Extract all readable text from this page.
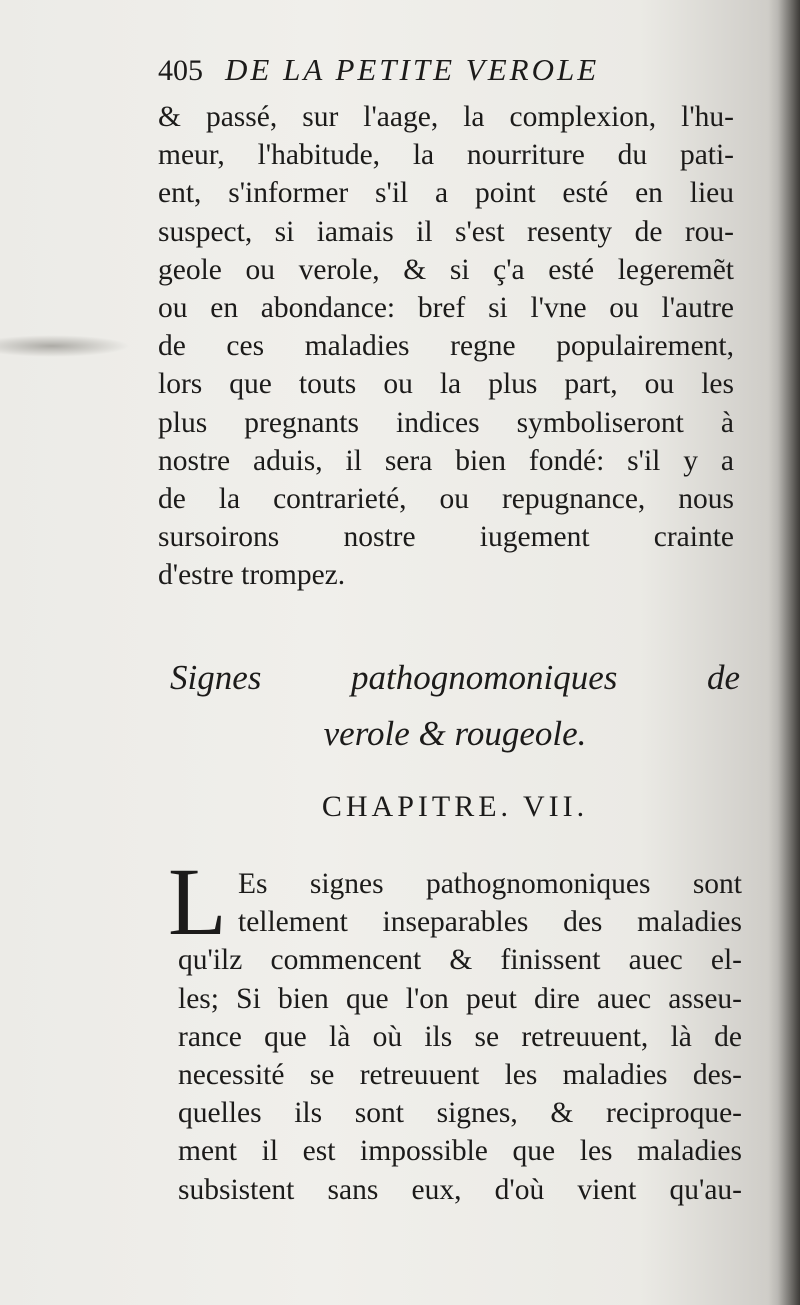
405 DE LA PETITE VEROLE
& passé, sur l'aage, la complexion, l'hu-
meur, l'habitude, la nourriture du pati-
ent, s'informer s'il a point esté en lieu
suspect, si iamais il s'est resenty de rou-
geole ou verole, & si ç'a esté legeremẽt
ou en abondance: bref si l'vne ou l'autre
de ces maladies regne populairement,
lors que touts ou la plus part, ou les
plus pregnants indices symboliseront à
nostre aduis, il sera bien fondé: s'il y a
de la contrarieté, ou repugnance, nous
sursoirons nostre iugement crainte
d'estre trompez.
Signes pathognomoniques de
verole & rougeole.
CHAPITRE. VII.
L Es signes pathognomoniques sont
tellement inseparables des maladies
qu'ilz commencent & finissent auec el-
les; Si bien que l'on peut dire auec asseu-
rance que là où ils se retreuuent, là de
necessité se retreuuent les maladies des-
quelles ils sont signes, & reciproque-
ment il est impossible que les maladies
subsistent sans eux, d'où vient qu'au-
